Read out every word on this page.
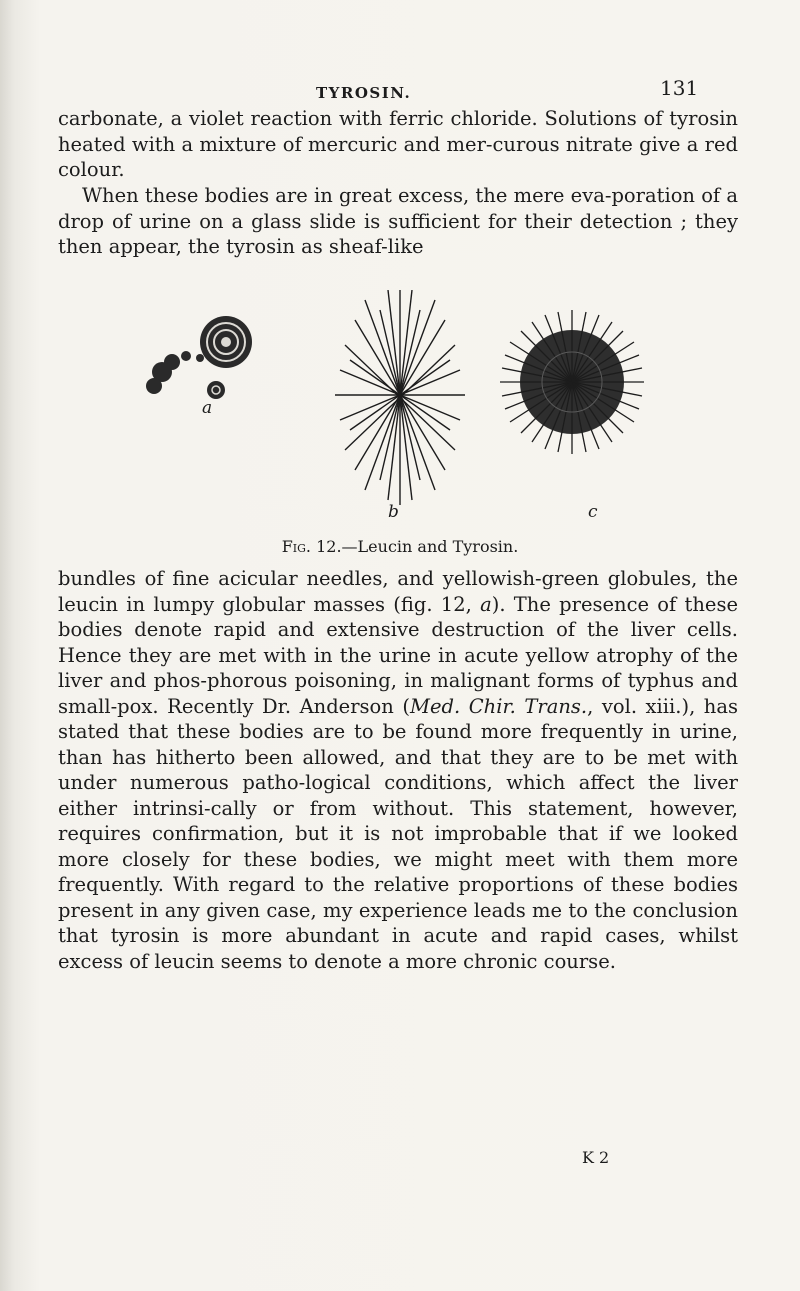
TYROSIN.	131

carbonate, a violet reaction with ferric chloride. Solutions of tyrosin heated with a mixture of mercuric and mer-curous nitrate give a red colour.

When these bodies are in great excess, the mere eva-poration of a drop of urine on a glass slide is sufficient for their detection ; they then appear, the tyrosin as sheaf-like

a
b	c
Fig. 12.—Leucin and Tyrosin.

bundles of fine acicular needles, and yellowish-green globules, the leucin in lumpy globular masses (fig. 12, a). The presence of these bodies denote rapid and extensive destruction of the liver cells. Hence they are met with in the urine in acute yellow atrophy of the liver and phos-phorous poisoning, in malignant forms of typhus and small-pox. Recently Dr. Anderson (Med. Chir. Trans., vol. xiii.), has stated that these bodies are to be found more frequently in urine, than has hitherto been allowed, and that they are to be met with under numerous patho-logical conditions, which affect the liver either intrinsi-cally or from without. This statement, however, requires confirmation, but it is not improbable that if we looked more closely for these bodies, we might meet with them more frequently. With regard to the relative proportions of these bodies present in any given case, my experience leads me to the conclusion that tyrosin is more abundant in acute and rapid cases, whilst excess of leucin seems to denote a more chronic course.

K 2
